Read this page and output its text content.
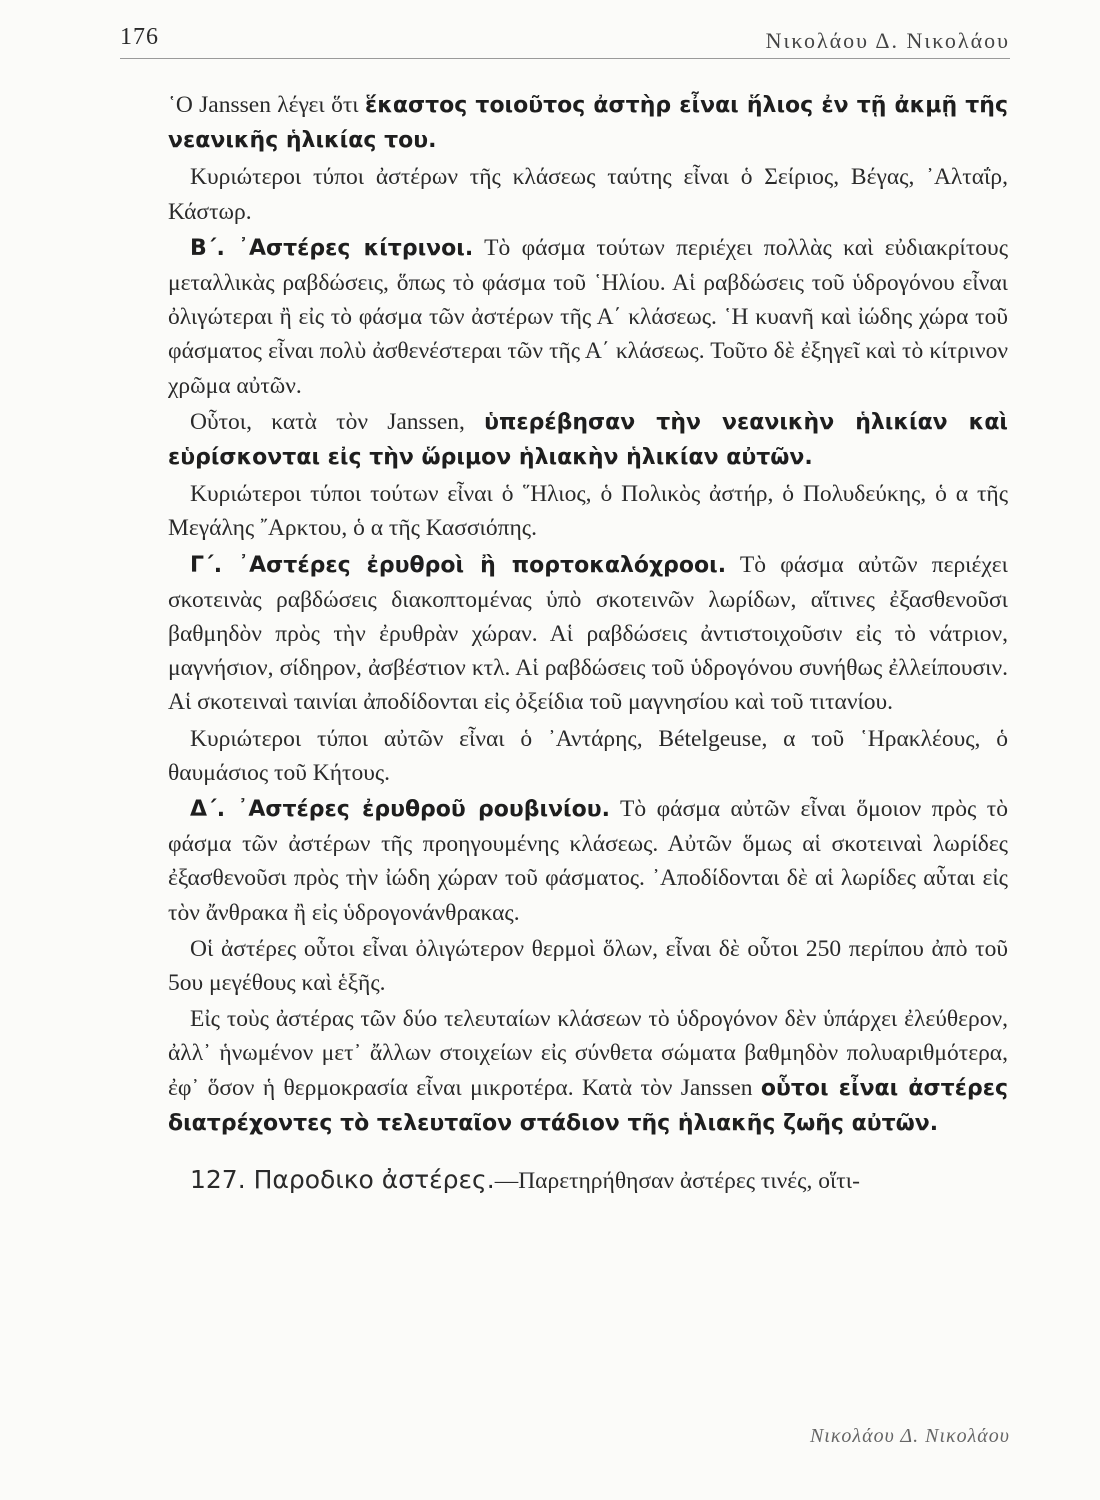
176	Νικολάου Δ. Νικολάου

῾Ο Janssen λέγει ὅτι ἕκαστος τοιοῦτος ἀστὴρ εἶναι ἥλιος ἐν τῇ ἀκμῇ τῆς νεανικῆς ἡλικίας του.

Κυριώτεροι τύποι ἀστέρων τῆς κλάσεως ταύτης εἶναι ὁ Σείριος, Βέγας, ᾿Αλταΐρ, Κάστωρ.

Β΄. ᾿Αστέρες κίτρινοι. Τὸ φάσμα τούτων περιέχει πολλὰς καὶ εὐδιακρίτους μεταλλικὰς ραβδώσεις, ὅπως τὸ φάσμα τοῦ ῾Ηλίου. Αἱ ραβδώσεις τοῦ ὑδρογόνου εἶναι ὀλιγώτεραι ἢ εἰς τὸ φάσμα τῶν ἀστέρων τῆς Α΄ κλάσεως. ῾Η κυανῆ καὶ ἰώδης χώρα τοῦ φάσματος εἶναι πολὺ ἀσθενέστεραι τῶν τῆς Α΄ κλάσεως. Τοῦτο δὲ ἐξηγεῖ καὶ τὸ κίτρινον χρῶμα αὐτῶν.

Οὗτοι, κατὰ τὸν Janssen, ὑπερέβησαν τὴν νεανικὴν ἡλικίαν καὶ εὑρίσκονται εἰς τὴν ὥριμον ἡλιακὴν ἡλικίαν αὐτῶν.

Κυριώτεροι τύποι τούτων εἶναι ὁ ῞Ηλιος, ὁ Πολικὸς ἀστήρ, ὁ Πολυδεύκης, ὁ α τῆς Μεγάλης ῎Αρκτου, ὁ α τῆς Κασσιόπης.

Γ΄. ᾿Αστέρες ἐρυθροὶ ἢ πορτοκαλόχροοι. Τὸ φάσμα αὐτῶν περιέχει σκοτεινὰς ραβδώσεις διακοπτομένας ὑπὸ σκοτεινῶν λωρίδων, αἵτινες ἐξασθενοῦσι βαθμηδὸν πρὸς τὴν ἐρυθρὰν χώραν. Αἱ ραβδώσεις ἀντιστοιχοῦσιν εἰς τὸ νάτριον, μαγνήσιον, σίδηρον, ἀσβέστιον κτλ. Αἱ ραβδώσεις τοῦ ὑδρογόνου συνήθως ἐλλείπουσιν. Αἱ σκοτειναὶ ταινίαι ἀποδίδονται εἰς ὀξείδια τοῦ μαγνησίου καὶ τοῦ τιτανίου.

Κυριώτεροι τύποι αὐτῶν εἶναι ὁ ᾿Αντάρης, Bételgeuse, α τοῦ ῾Ηρακλέους, ὁ θαυμάσιος τοῦ Κήτους.

Δ΄. ᾿Αστέρες ἐρυθροῦ ρουβινίου. Τὸ φάσμα αὐτῶν εἶναι ὅμοιον πρὸς τὸ φάσμα τῶν ἀστέρων τῆς προηγουμένης κλάσεως. Αὐτῶν ὅμως αἱ σκοτειναὶ λωρίδες ἐξασθενοῦσι πρὸς τὴν ἰώδη χώραν τοῦ φάσματος. ᾿Αποδίδονται δὲ αἱ λωρίδες αὗται εἰς τὸν ἄνθρακα ἢ εἰς ὑδρογονάνθρακας.

Οἱ ἀστέρες οὗτοι εἶναι ὀλιγώτερον θερμοὶ ὅλων, εἶναι δὲ οὗτοι 250 περίπου ἀπὸ τοῦ 5ου μεγέθους καὶ ἑξῆς.

Εἰς τοὺς ἀστέρας τῶν δύο τελευταίων κλάσεων τὸ ὑδρογόνον δὲν ὑπάρχει ἐλεύθερον, ἀλλ᾿ ἡνωμένον μετ᾿ ἄλλων στοιχείων εἰς σύνθετα σώματα βαθμηδὸν πολυαριθμότερα, ἐφ᾿ ὅσον ἡ θερμοκρασία εἶναι μικροτέρα. Κατὰ τὸν Janssen οὗτοι εἶναι ἀστέρες διατρέχοντες τὸ τελευταῖον στάδιον τῆς ἡλιακῆς ζωῆς αὐτῶν.

127. Παροδικο ἀστέρες.—Παρετηρήθησαν ἀστέρες τινές, οἵτι-

Νικολάου Δ. Νικολάου
